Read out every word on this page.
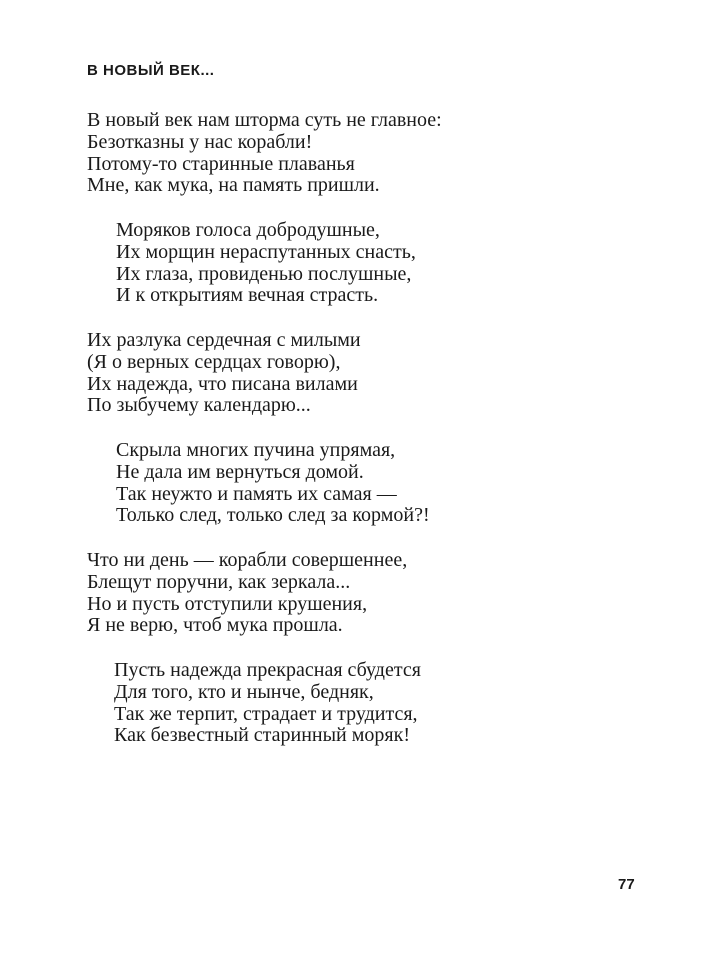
В НОВЫЙ ВЕК...
В новый век нам шторма суть не главное:
Безотказны у нас корабли!
Потому-то старинные плаванья
Мне, как мука, на память пришли.
Моряков голоса добродушные,
Их морщин нераспутанных снасть,
Их глаза, провиденью послушные,
И к открытиям вечная страсть.
Их разлука сердечная с милыми
(Я о верных сердцах говорю),
Их надежда, что писана вилами
По зыбучему календарю...
Скрыла многих пучина упрямая,
Не дала им вернуться домой.
Так неужто и память их самая —
Только след, только след за кормой?!
Что ни день — корабли совершеннее,
Блещут поручни, как зеркала...
Но и пусть отступили крушения,
Я не верю, чтоб мука прошла.
Пусть надежда прекрасная сбудется
Для того, кто и нынче, бедняк,
Так же терпит, страдает и трудится,
Как безвестный старинный моряк!
77
